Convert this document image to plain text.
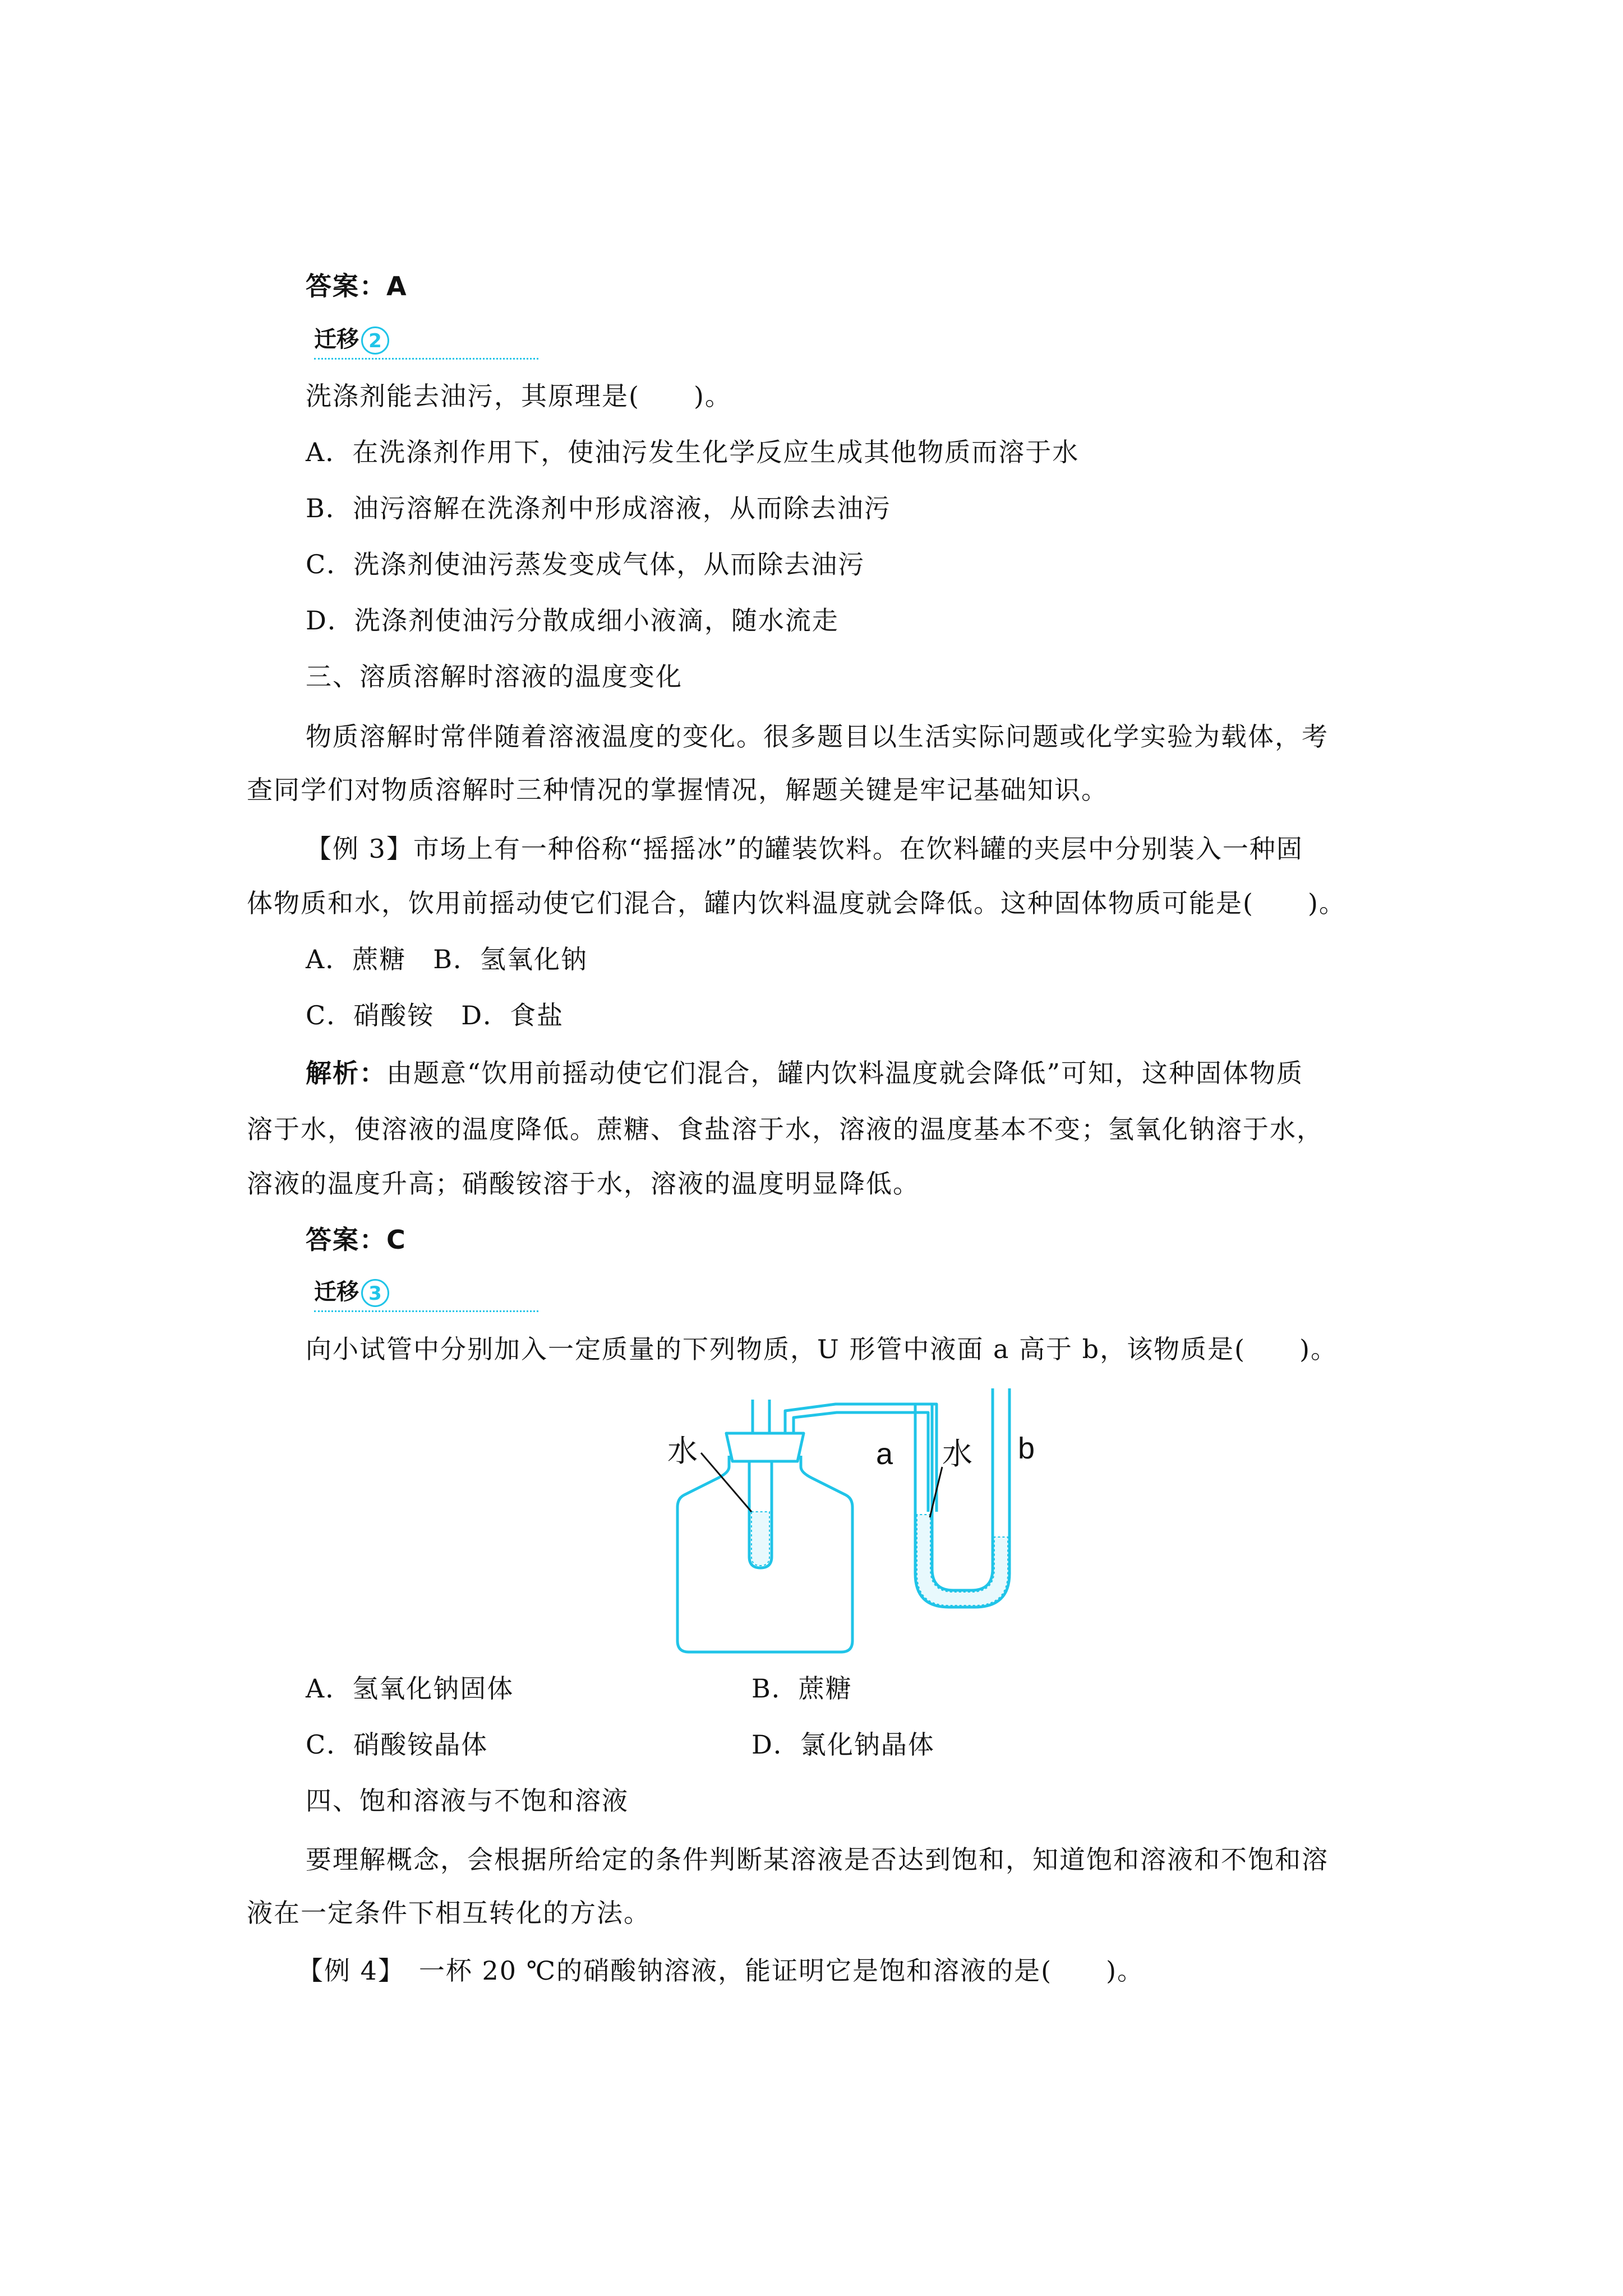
答案：A
迁移 2
洗涤剂能去油污，其原理是(　　)。
A．在洗涤剂作用下，使油污发生化学反应生成其他物质而溶于水
B．油污溶解在洗涤剂中形成溶液，从而除去油污
C．洗涤剂使油污蒸发变成气体，从而除去油污
D．洗涤剂使油污分散成细小液滴，随水流走
三、溶质溶解时溶液的温度变化
物质溶解时常伴随着溶液温度的变化。很多题目以生活实际问题或化学实验为载体，考
查同学们对物质溶解时三种情况的掌握情况，解题关键是牢记基础知识。
【例 3】市场上有一种俗称“摇摇冰”的罐装饮料。在饮料罐的夹层中分别装入一种固
体物质和水，饮用前摇动使它们混合，罐内饮料温度就会降低。这种固体物质可能是(　　)。
A．蔗糖　B．氢氧化钠
C．硝酸铵　D．食盐
解析：由题意“饮用前摇动使它们混合，罐内饮料温度就会降低”可知，这种固体物质
溶于水，使溶液的温度降低。蔗糖、食盐溶于水，溶液的温度基本不变；氢氧化钠溶于水，
溶液的温度升高；硝酸铵溶于水，溶液的温度明显降低。
答案：C
迁移 3
向小试管中分别加入一定质量的下列物质，U 形管中液面 a 高于 b，该物质是(　　)。
水	a 水 b
A．氢氧化钠固体	B．蔗糖
C．硝酸铵晶体	D．氯化钠晶体
四、饱和溶液与不饱和溶液
要理解概念，会根据所给定的条件判断某溶液是否达到饱和，知道饱和溶液和不饱和溶
液在一定条件下相互转化的方法。
【例 4】　一杯 20 ℃的硝酸钠溶液，能证明它是饱和溶液的是(　　)。
